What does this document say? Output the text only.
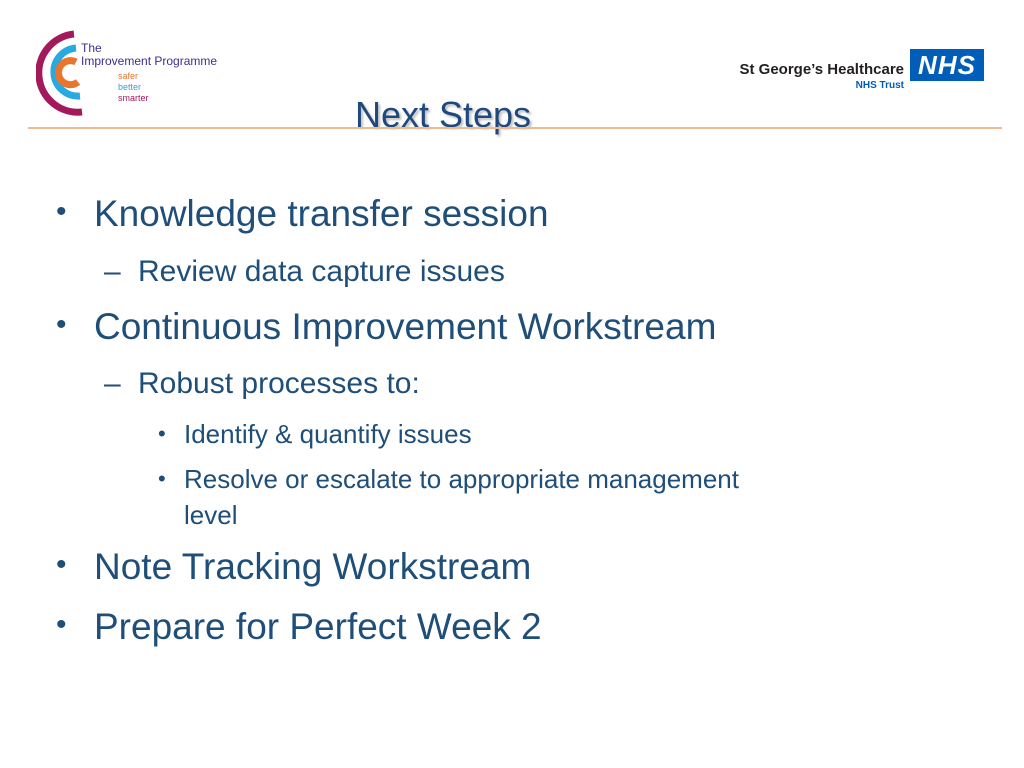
The
Improvement Programme
safer
better
smarter
St George’s Healthcare
NHS Trust
NHS
Next Steps
• Knowledge transfer session
– Review data capture issues
• Continuous Improvement Workstream
– Robust processes to:
• Identify & quantify issues
• Resolve or escalate to appropriate management
level
• Note Tracking Workstream
• Prepare for Perfect Week 2
